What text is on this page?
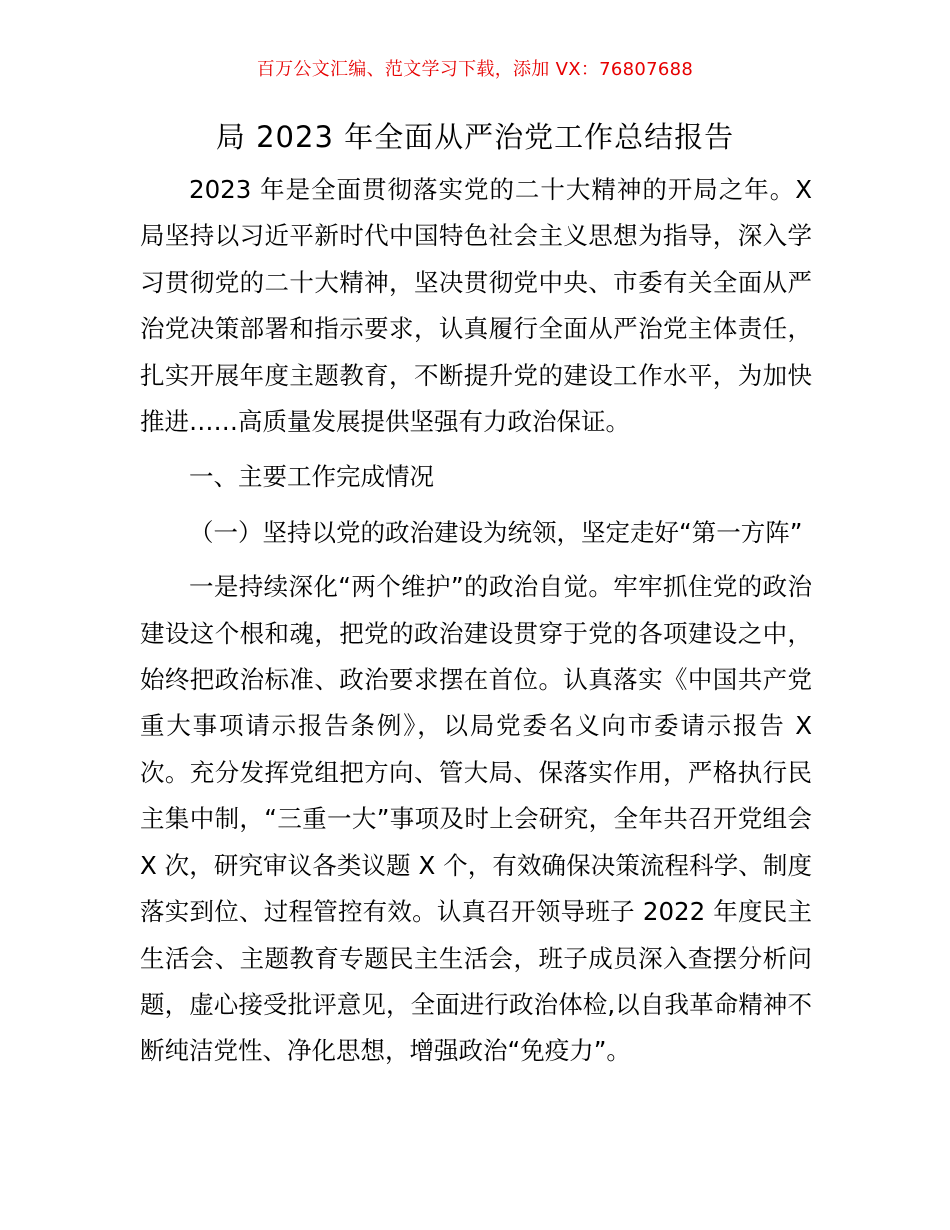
百万公文汇编、范文学习下载，添加 VX：76807688
局 2023 年全面从严治党工作总结报告

2023 年是全面贯彻落实党的二十大精神的开局之年。X 局坚持以习近平新时代中国特色社会主义思想为指导，深入学习贯彻党的二十大精神，坚决贯彻党中央、市委有关全面从严治党决策部署和指示要求，认真履行全面从严治党主体责任，扎实开展年度主题教育，不断提升党的建设工作水平，为加快推进……高质量发展提供坚强有力政治保证。

一、主要工作完成情况

（一）坚持以党的政治建设为统领，坚定走好“第一方阵”

一是持续深化“两个维护”的政治自觉。牢牢抓住党的政治建设这个根和魂，把党的政治建设贯穿于党的各项建设之中，始终把政治标准、政治要求摆在首位。认真落实《中国共产党重大事项请示报告条例》，以局党委名义向市委请示报告 X 次。充分发挥党组把方向、管大局、保落实作用，严格执行民主集中制，“三重一大”事项及时上会研究，全年共召开党组会 X 次，研究审议各类议题 X 个，有效确保决策流程科学、制度落实到位、过程管控有效。认真召开领导班子 2022 年度民主生活会、主题教育专题民主生活会，班子成员深入查摆分析问题，虚心接受批评意见，全面进行政治体检,以自我革命精神不断纯洁党性、净化思想，增强政治“免疫力”。
